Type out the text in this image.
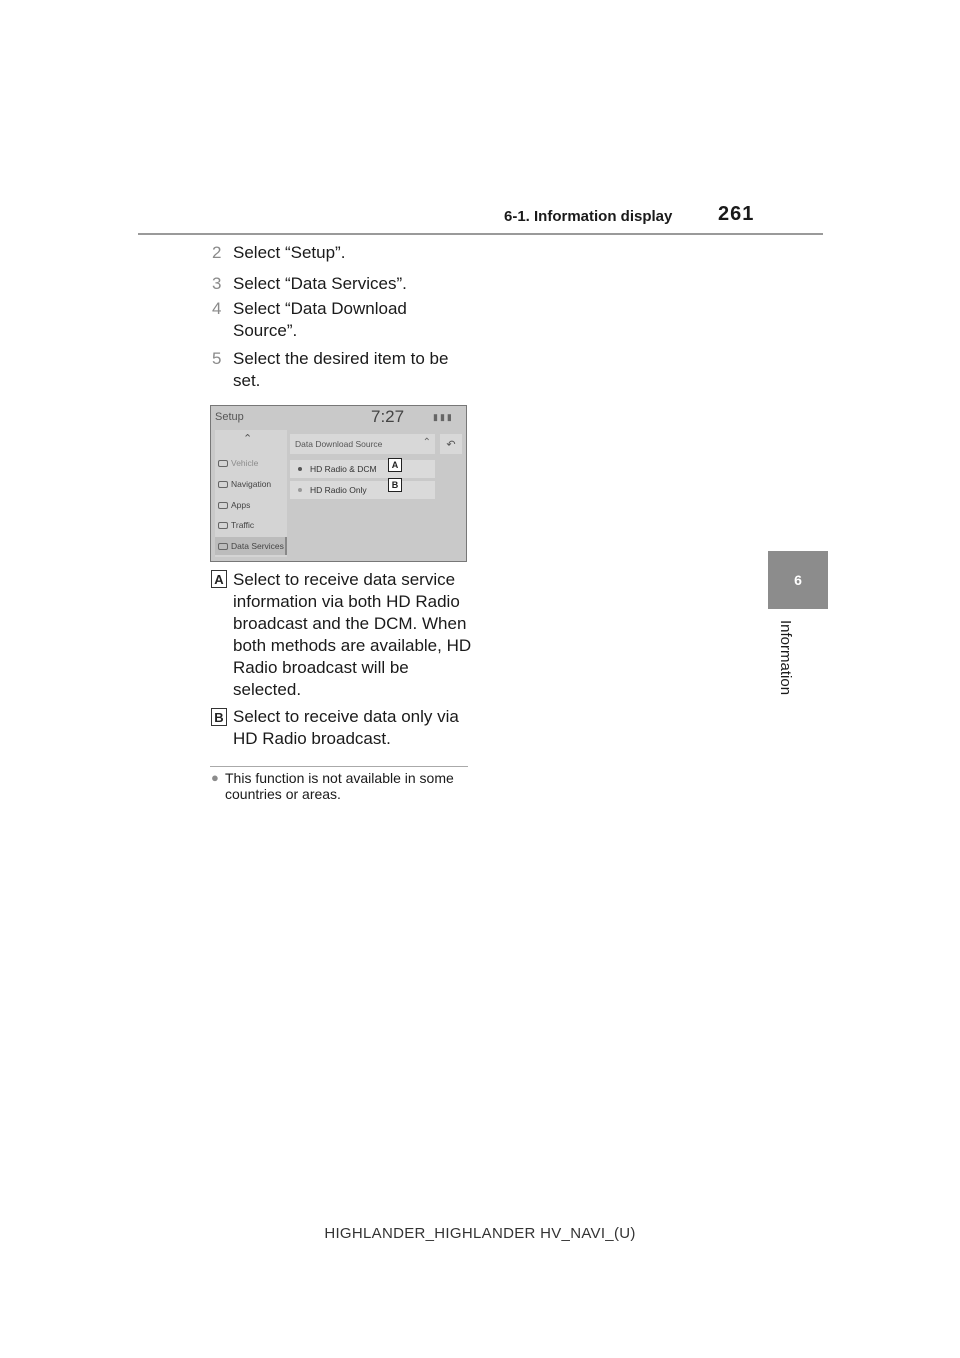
6-1. Information display 261
6
Information
2 Select “Setup”.
3 Select “Data Services”.
4 Select “Data Download Source”.
5 Select the desired item to be set.
Setup	7:27	▮▮▮
⌃
Vehicle
Navigation
Apps
Traffic
Data Services
Data Download Source	⌃
HD Radio & DCM
HD Radio Only
↶
A
B
A Select to receive data service information via both HD Radio broadcast and the DCM. When both methods are available, HD Radio broadcast will be selected.
B Select to receive data only via HD Radio broadcast.
● This function is not available in some countries or areas.
HIGHLANDER_HIGHLANDER HV_NAVI_(U)
